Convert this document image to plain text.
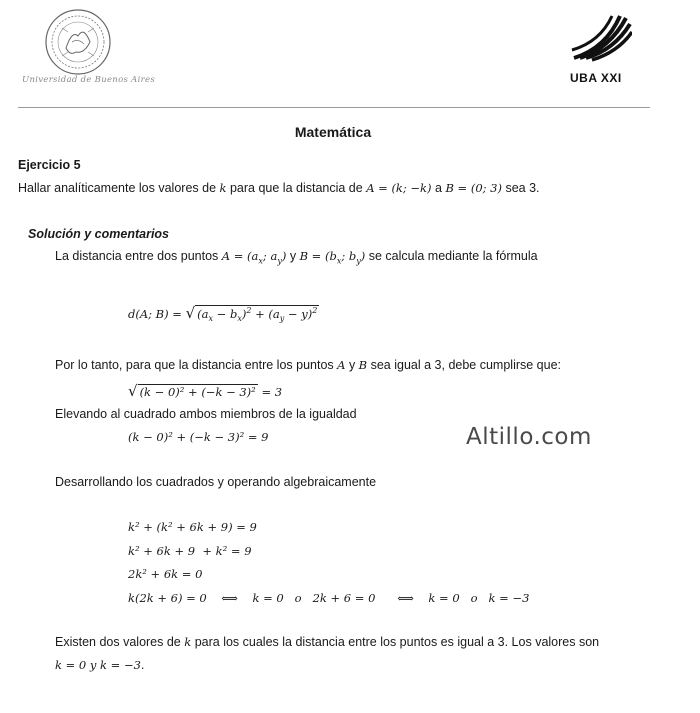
Universidad de Buenos Aires	UBA XXI
Matemática
Ejercicio 5
Hallar analíticamente los valores de k para que la distancia de A = (k; −k) a B = (0; 3) sea 3.
Solución y comentarios
La distancia entre dos puntos $A = (a_x$; $a_y$) y $B = (b_x$; $b_y$) se calcula mediante la fórmula
d(A; B) = √ $(a_x - b_x)^2 + (a_y - y)^2$
Por lo tanto, para que la distancia entre los puntos A y B sea igual a 3, debe cumplirse que:
√ (k − 0)² + (−k − 3)² = 3
Elevando al cuadrado ambos miembros de la igualdad
(k − 0)² + (−k − 3)² = 9	Altillo.com
Desarrollando los cuadrados y operando algebraicamente
k² + (k² + 6k + 9) = 9
k² + 6k + 9  + k² = 9
2k² + 6k = 0
k(2k + 6) = 0    ⟺    k = 0   o   2k + 6 = 0      ⟺    k = 0   o   k = −3
Existen dos valores de k para los cuales la distancia entre los puntos es igual a 3. Los valores son
k = 0 y k = −3.
